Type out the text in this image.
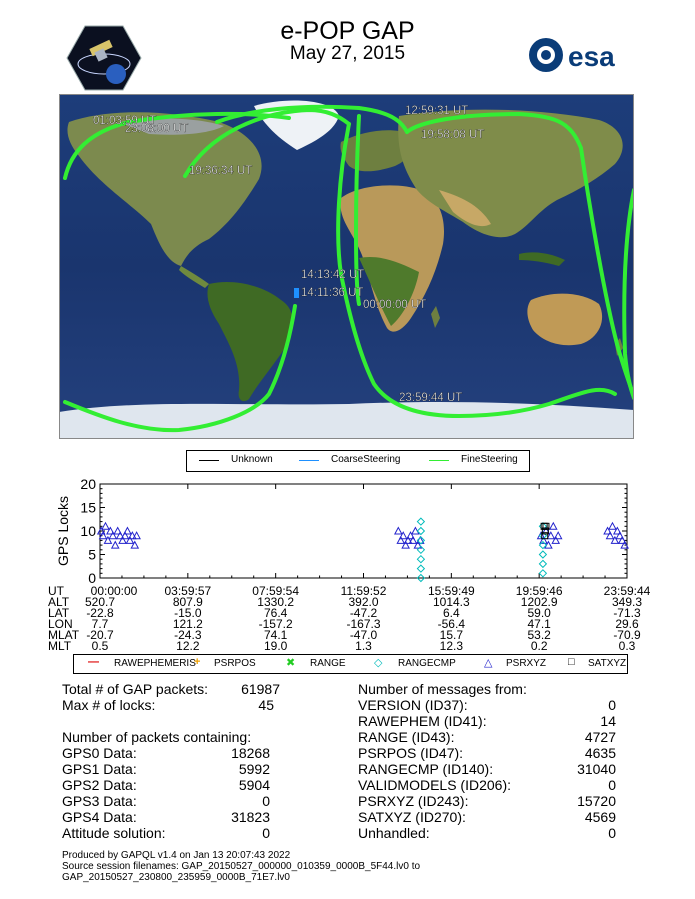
e-POP GAP
May 27, 2015	esa
01:03:59 UT
23:08:00 UT
12:59:31 UT
19:58:08 UT
19:36:34 UT
14:13:42 UT
14:11:36 UT
00:00:00 UT
23:59:44 UT
Unknown	CoarseSteering	FineSteering
0
5
10
15
20
GPS Locks
UT	00:00:00	03:59:57	07:59:54	11:59:52	15:59:49	19:59:46	23:59:44
ALT	520.7	807.9	1330.2	392.0	1014.3	1202.9	349.3
LAT	-22.8	-15.0	76.4	-47.2	6.4	59.0	-71.3
LON	7.7	121.2	-157.2	-167.3	-56.4	47.1	29.6
MLAT -20.7	-24.3	74.1	-47.0	15.7	53.2	-70.9
MLT	0.5	12.2	19.0	1.3	12.3	0.2	0.3
— RAWEPHEMERIS
+ PSRPOS	✖ RANGE	◇ RANGECMP	△ PSRXYZ □ SATXYZ
Total # of GAP packets:	61987
Max # of locks:	45
Number of packets containing:
GPS0 Data:	18268
GPS1 Data:	5992
GPS2 Data:	5904
GPS3 Data:	0
GPS4 Data:	31823
Attitude solution:	0
Number of messages from:
VERSION (ID37):	0
RAWEPHEM (ID41):	14
RANGE (ID43):	4727
PSRPOS (ID47):	4635
RANGECMP (ID140):	31040
VALIDMODELS (ID206):	0
PSRXYZ (ID243):	15720
SATXYZ (ID270):	4569
Unhandled:	0
Produced by GAPQL v1.4 on Jan 13 20:07:43 2022
Source session filenames: GAP_20150527_000000_010359_0000B_5F44.lv0 to
GAP_20150527_230800_235959_0000B_71E7.lv0
